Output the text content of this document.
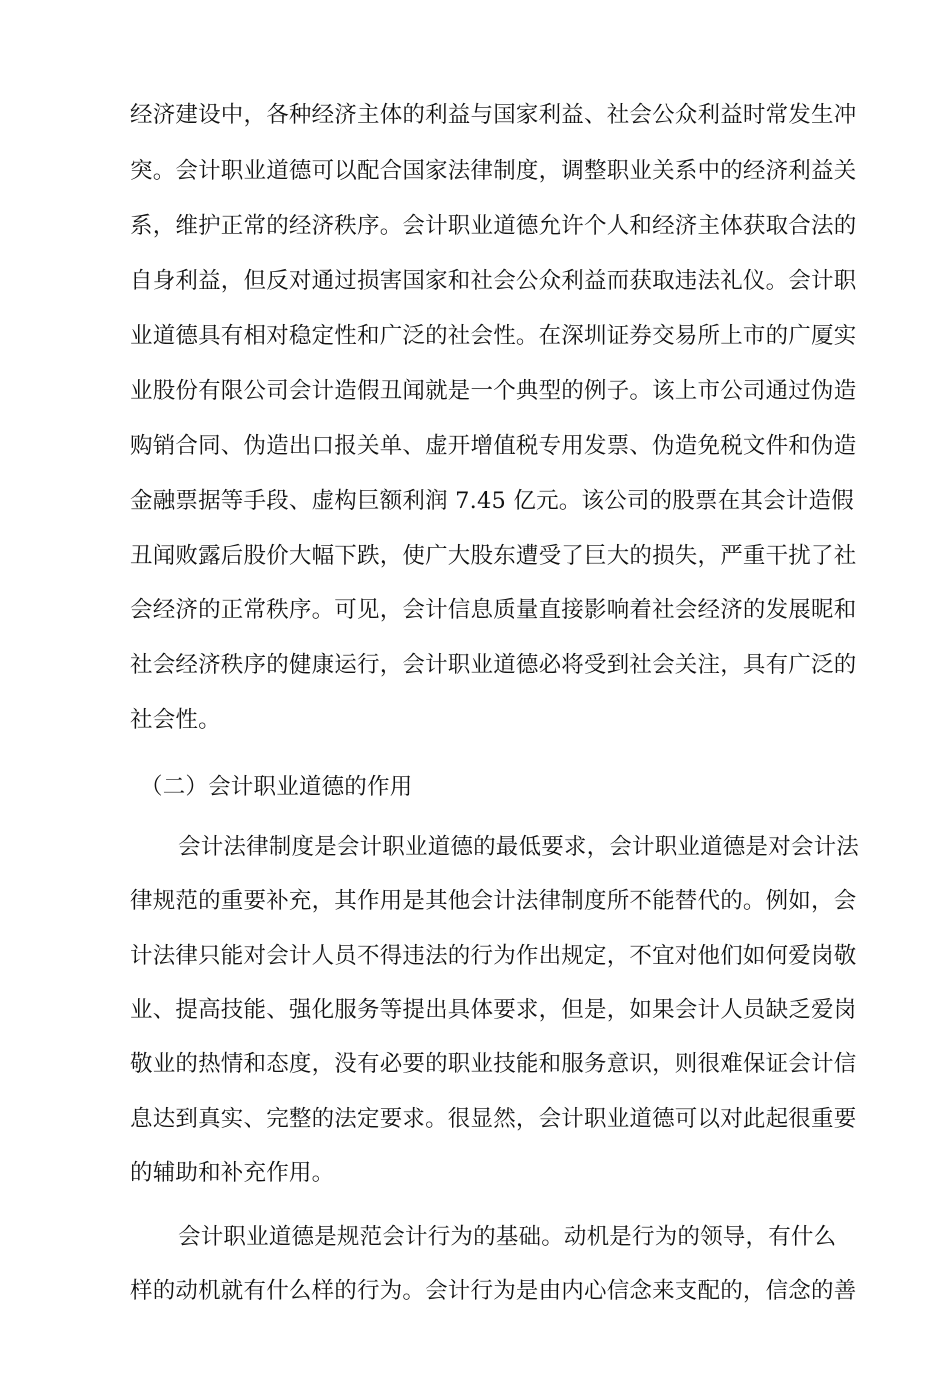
经济建设中，各种经济主体的利益与国家利益、社会公众利益时常发生冲
突。会计职业道德可以配合国家法律制度，调整职业关系中的经济利益关
系，维护正常的经济秩序。会计职业道德允许个人和经济主体获取合法的
自身利益，但反对通过损害国家和社会公众利益而获取违法礼仪。会计职
业道德具有相对稳定性和广泛的社会性。在深圳证券交易所上市的广厦实
业股份有限公司会计造假丑闻就是一个典型的例子。该上市公司通过伪造
购销合同、伪造出口报关单、虚开增值税专用发票、伪造免税文件和伪造
金融票据等手段、虚构巨额利润 7.45 亿元。该公司的股票在其会计造假
丑闻败露后股价大幅下跌，使广大股东遭受了巨大的损失，严重干扰了社
会经济的正常秩序。可见，会计信息质量直接影响着社会经济的发展昵和
社会经济秩序的健康运行，会计职业道德必将受到社会关注，具有广泛的
社会性。
（二）会计职业道德的作用
会计法律制度是会计职业道德的最低要求，会计职业道德是对会计法
律规范的重要补充，其作用是其他会计法律制度所不能替代的。例如，会
计法律只能对会计人员不得违法的行为作出规定，不宜对他们如何爱岗敬
业、提高技能、强化服务等提出具体要求，但是，如果会计人员缺乏爱岗
敬业的热情和态度，没有必要的职业技能和服务意识，则很难保证会计信
息达到真实、完整的法定要求。很显然，会计职业道德可以对此起很重要
的辅助和补充作用。
会计职业道德是规范会计行为的基础。动机是行为的领导，有什么
样的动机就有什么样的行为。会计行为是由内心信念来支配的，信念的善
